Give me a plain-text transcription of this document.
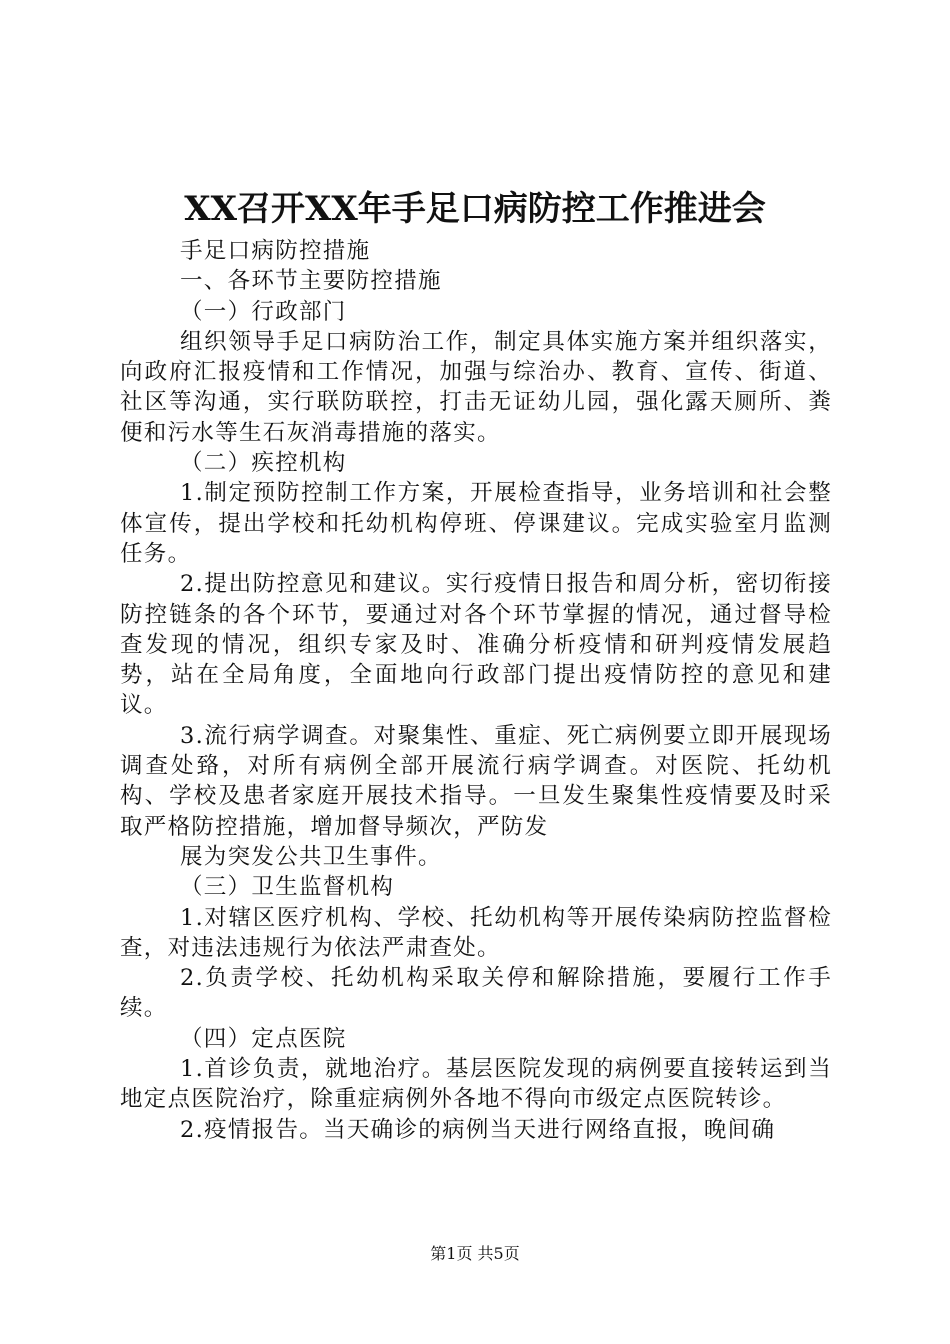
XX召开XX年手足口病防控工作推进会

手足口病防控措施

一、各环节主要防控措施

（一）行政部门

组织领导手足口病防治工作，制定具体实施方案并组织落实，向政府汇报疫情和工作情况，加强与综治办、教育、宣传、街道、社区等沟通，实行联防联控，打击无证幼儿园，强化露天厕所、粪便和污水等生石灰消毒措施的落实。

（二）疾控机构

1.制定预防控制工作方案，开展检查指导，业务培训和社会整体宣传，提出学校和托幼机构停班、停课建议。完成实验室月监测任务。

2.提出防控意见和建议。实行疫情日报告和周分析，密切衔接防控链条的各个环节，要通过对各个环节掌握的情况，通过督导检查发现的情况，组织专家及时、准确分析疫情和研判疫情发展趋势，站在全局角度，全面地向行政部门提出疫情防控的意见和建议。

3.流行病学调查。对聚集性、重症、死亡病例要立即开展现场调查处臵，对所有病例全部开展流行病学调查。对医院、托幼机构、学校及患者家庭开展技术指导。一旦发生聚集性疫情要及时采取严格防控措施，增加督导频次，严防发

展为突发公共卫生事件。

（三）卫生监督机构

1.对辖区医疗机构、学校、托幼机构等开展传染病防控监督检查，对违法违规行为依法严肃查处。

2.负责学校、托幼机构采取关停和解除措施，要履行工作手续。

（四）定点医院

1.首诊负责，就地治疗。基层医院发现的病例要直接转运到当地定点医院治疗，除重症病例外各地不得向市级定点医院转诊。

2.疫情报告。当天确诊的病例当天进行网络直报，晚间确

第1页 共5页
